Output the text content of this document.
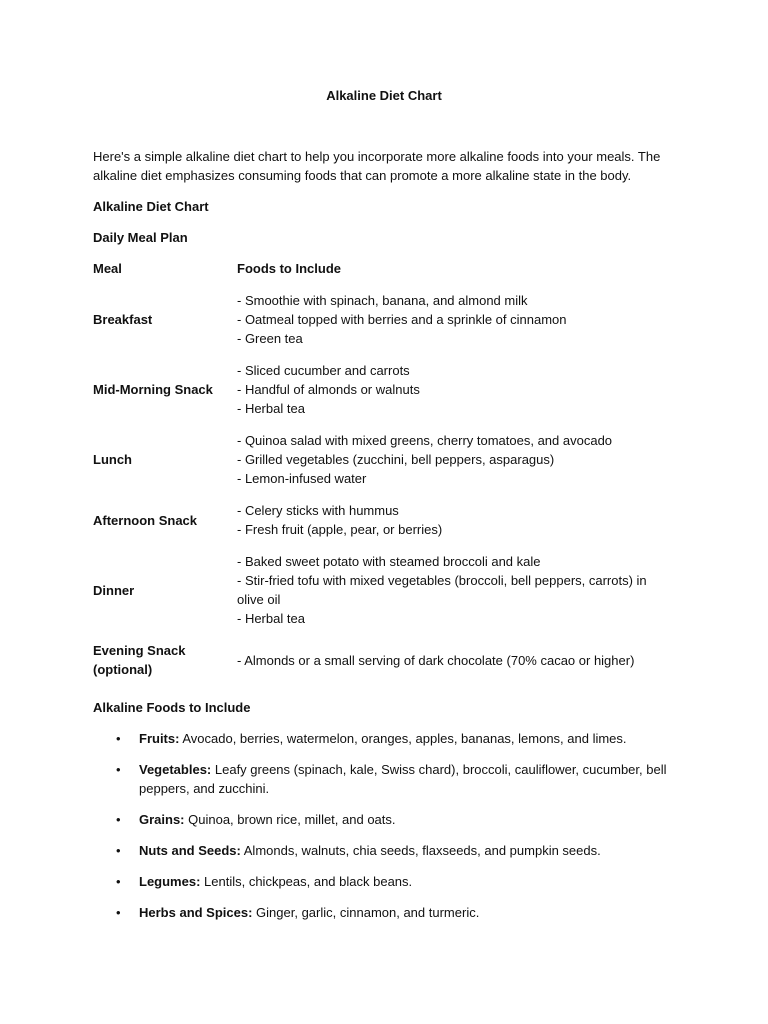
Alkaline Diet Chart

Here's a simple alkaline diet chart to help you incorporate more alkaline foods into your meals. The alkaline diet emphasizes consuming foods that can promote a more alkaline state in the body.

Alkaline Diet Chart

Daily Meal Plan

Meal	Foods to Include
Breakfast	- Smoothie with spinach, banana, and almond milk
- Oatmeal topped with berries and a sprinkle of cinnamon
- Green tea

Mid-Morning Snack	- Sliced cucumber and carrots
- Handful of almonds or walnuts
- Herbal tea

Lunch	- Quinoa salad with mixed greens, cherry tomatoes, and avocado
- Grilled vegetables (zucchini, bell peppers, asparagus)
- Lemon-infused water

Afternoon Snack	- Celery sticks with hummus
- Fresh fruit (apple, pear, or berries)

Dinner	- Baked sweet potato with steamed broccoli and kale
- Stir-fried tofu with mixed vegetables (broccoli, bell peppers, carrots) in olive oil
- Herbal tea

Evening Snack (optional)	- Almonds or a small serving of dark chocolate (70% cacao or higher)

Alkaline Foods to Include

• Fruits: Avocado, berries, watermelon, oranges, apples, bananas, lemons, and limes.
• Vegetables: Leafy greens (spinach, kale, Swiss chard), broccoli, cauliflower, cucumber, bell peppers, and zucchini.
• Grains: Quinoa, brown rice, millet, and oats.
• Nuts and Seeds: Almonds, walnuts, chia seeds, flaxseeds, and pumpkin seeds.
• Legumes: Lentils, chickpeas, and black beans.
• Herbs and Spices: Ginger, garlic, cinnamon, and turmeric.
